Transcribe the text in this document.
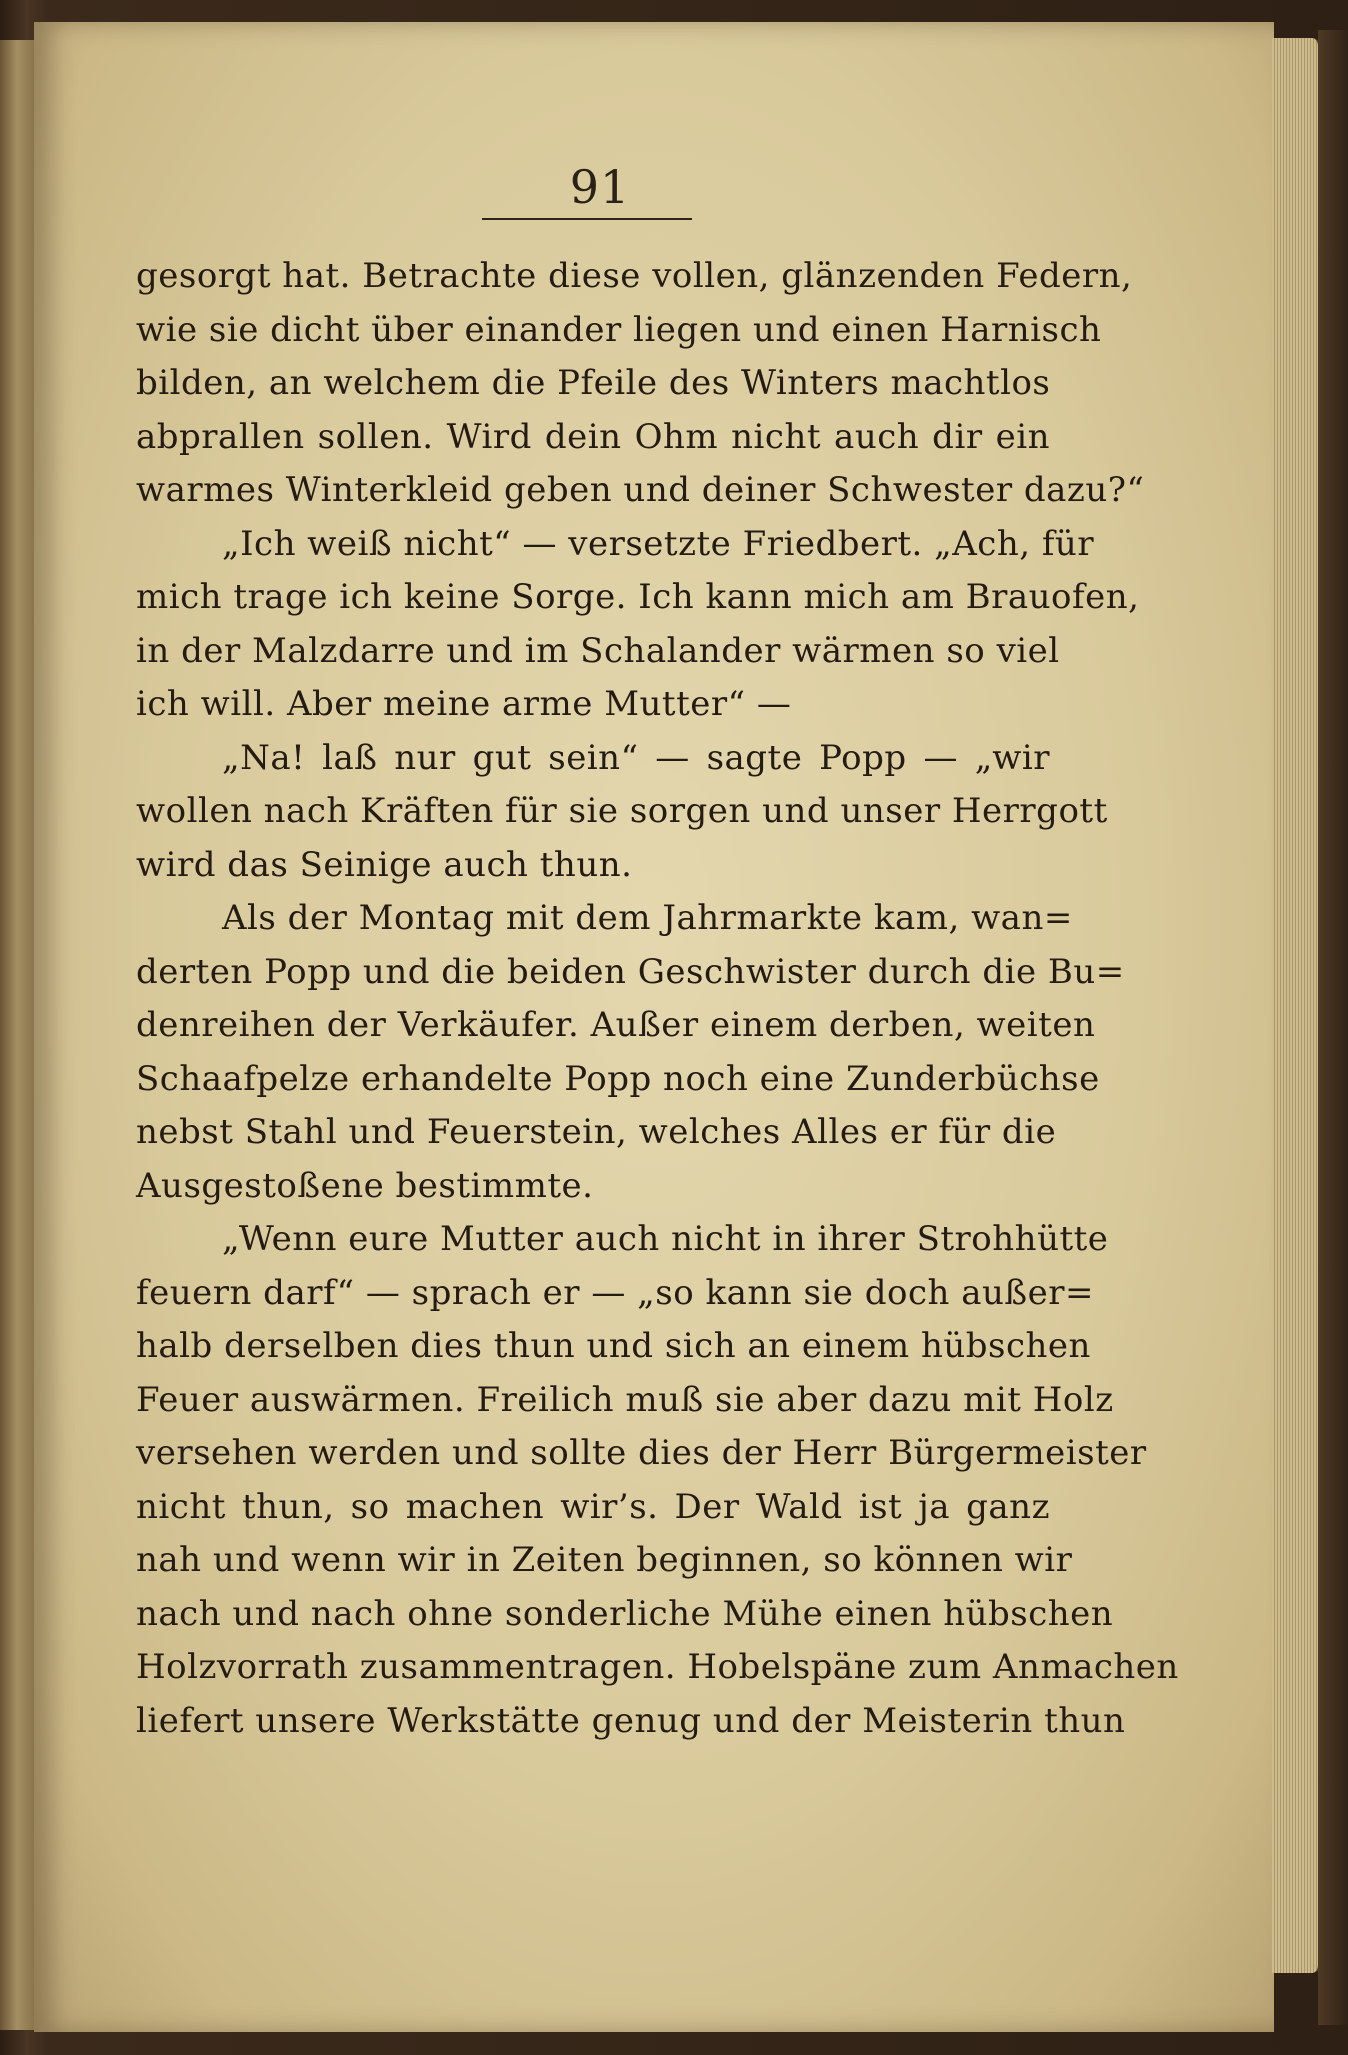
91
gesorgt hat. Betrachte diese vollen, glänzenden Federn,
wie sie dicht über einander liegen und einen Harnisch
bilden, an welchem die Pfeile des Winters machtlos
abprallen sollen. Wird dein Ohm nicht auch dir ein
warmes Winterkleid geben und deiner Schwester dazu?“
„Ich weiß nicht“ — versetzte Friedbert. „Ach, für
mich trage ich keine Sorge. Ich kann mich am Brauofen,
in der Malzdarre und im Schalander wärmen so viel
ich will. Aber meine arme Mutter“ —
„Na! laß nur gut sein“ — sagte Popp — „wir
wollen nach Kräften für sie sorgen und unser Herrgott
wird das Seinige auch thun.
Als der Montag mit dem Jahrmarkte kam, wan=
derten Popp und die beiden Geschwister durch die Bu=
denreihen der Verkäufer. Außer einem derben, weiten
Schaafpelze erhandelte Popp noch eine Zunderbüchse
nebst Stahl und Feuerstein, welches Alles er für die
Ausgestoßene bestimmte.
„Wenn eure Mutter auch nicht in ihrer Strohhütte
feuern darf“ — sprach er — „so kann sie doch außer=
halb derselben dies thun und sich an einem hübschen
Feuer auswärmen. Freilich muß sie aber dazu mit Holz
versehen werden und sollte dies der Herr Bürgermeister
nicht thun, so machen wir’s. Der Wald ist ja ganz
nah und wenn wir in Zeiten beginnen, so können wir
nach und nach ohne sonderliche Mühe einen hübschen
Holzvorrath zusammentragen. Hobelspäne zum Anmachen
liefert unsere Werkstätte genug und der Meisterin thun
